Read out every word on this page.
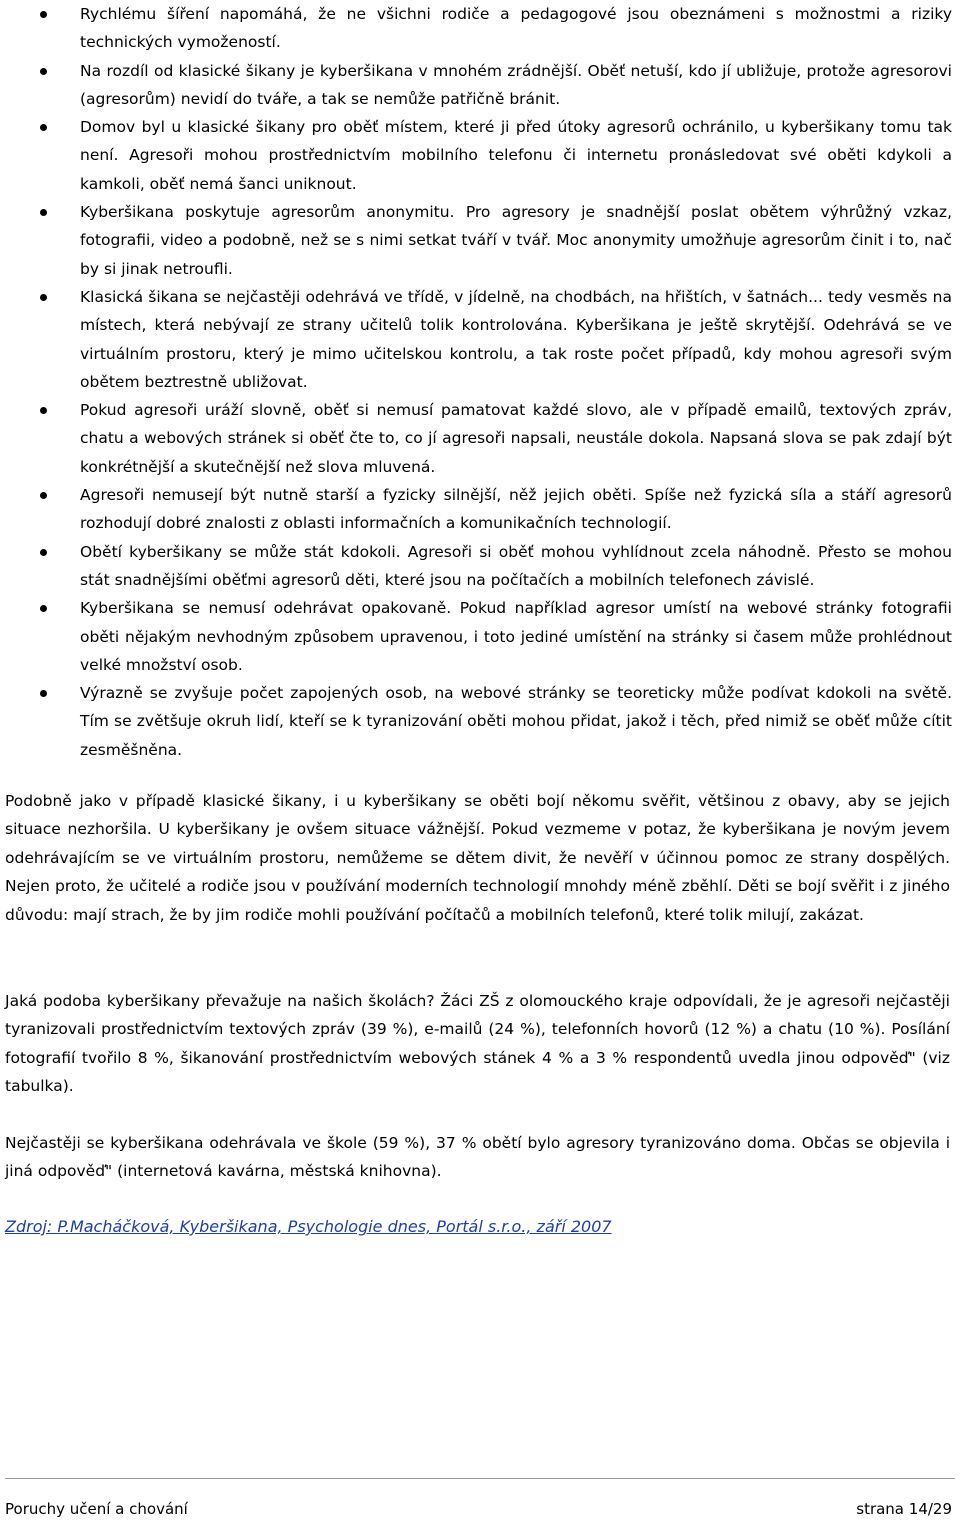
Rychlému šíření napomáhá, že ne všichni rodiče a pedagogové jsou obeznámeni s možnostmi a riziky technických vymožeností.
Na rozdíl od klasické šikany je kyberšikana v mnohém zrádnější. Oběť netuší, kdo jí ubližuje, protože agresorovi (agresorům) nevidí do tváře, a tak se nemůže patřičně bránit.
Domov byl u klasické šikany pro oběť místem, které ji před útoky agresorů ochránilo, u kyberšikany tomu tak není. Agresoři mohou prostřednictvím mobilního telefonu či internetu pronásledovat své oběti kdykoli a kamkoli, oběť nemá šanci uniknout.
Kyberšikana poskytuje agresorům anonymitu. Pro agresory je snadnější poslat obětem výhrůžný vzkaz, fotografii, video a podobně, než se s nimi setkat tváří v tvář. Moc anonymity umožňuje agresorům činit i to, nač by si jinak netroufli.
Klasická šikana se nejčastěji odehrává ve třídě, v jídelně, na chodbách, na hřištích, v šatnách... tedy vesměs na místech, která nebývají ze strany učitelů tolik kontrolována. Kyberšikana je ještě skrytější. Odehrává se ve virtuálním prostoru, který je mimo učitelskou kontrolu, a tak roste počet případů, kdy mohou agresoři svým obětem beztrestně ubližovat.
Pokud agresoři uráží slovně, oběť si nemusí pamatovat každé slovo, ale v případě emailů, textových zpráv, chatu a webových stránek si oběť čte to, co jí agresoři napsali, neustále dokola. Napsaná slova se pak zdají být konkrétnější a skutečnější než slova mluvená.
Agresoři nemusejí být nutně starší a fyzicky silnější, něž jejich oběti. Spíše než fyzická síla a stáří agresorů rozhodují dobré znalosti z oblasti informačních a komunikačních technologií.
Obětí kyberšikany se může stát kdokoli. Agresoři si oběť mohou vyhlídnout zcela náhodně. Přesto se mohou stát snadnějšími oběťmi agresorů děti, které jsou na počítačích a mobilních telefonech závislé.
Kyberšikana se nemusí odehrávat opakovaně. Pokud například agresor umístí na webové stránky fotografii oběti nějakým nevhodným způsobem upravenou, i toto jediné umístění na stránky si časem může prohlédnout velké množství osob.
Výrazně se zvyšuje počet zapojených osob, na webové stránky se teoreticky může podívat kdokoli na světě. Tím se zvětšuje okruh lidí, kteří se k tyranizování oběti mohou přidat, jakož i těch, před nimiž se oběť může cítit zesměšněna.

Podobně jako v případě klasické šikany, i u kyberšikany se oběti bojí někomu svěřit, většinou z obavy, aby se jejich situace nezhoršila. U kyberšikany je ovšem situace vážnější. Pokud vezmeme v potaz, že kyberšikana je novým jevem odehrávajícím se ve virtuálním prostoru, nemůžeme se dětem divit, že nevěří v účinnou pomoc ze strany dospělých. Nejen proto, že učitelé a rodiče jsou v používání moderních technologií mnohdy méně zběhlí. Děti se bojí svěřit i z jiného důvodu: mají strach, že by jim rodiče mohli používání počítačů a mobilních telefonů, které tolik milují, zakázat.

Jaká podoba kyberšikany převažuje na našich školách? Žáci ZŠ z olomouckého kraje odpovídali, že je agresoři nejčastěji tyranizovali prostřednictvím textových zpráv (39 %), e-mailů (24 %), telefonních hovorů (12 %) a chatu (10 %). Posílání fotografií tvořilo 8 %, šikanování prostřednictvím webových stánek 4 % a 3 % respondentů uvedla jinou odpověď" (viz tabulka).

Nejčastěji se kyberšikana odehrávala ve škole (59 %), 37 % obětí bylo agresory tyranizováno doma. Občas se objevila i jiná odpověď" (internetová kavárna, městská knihovna).

Zdroj: P.Macháčková, Kyberšikana, Psychologie dnes, Portál s.r.o., září 2007
Poruchy učení a chování	strana 14/29
